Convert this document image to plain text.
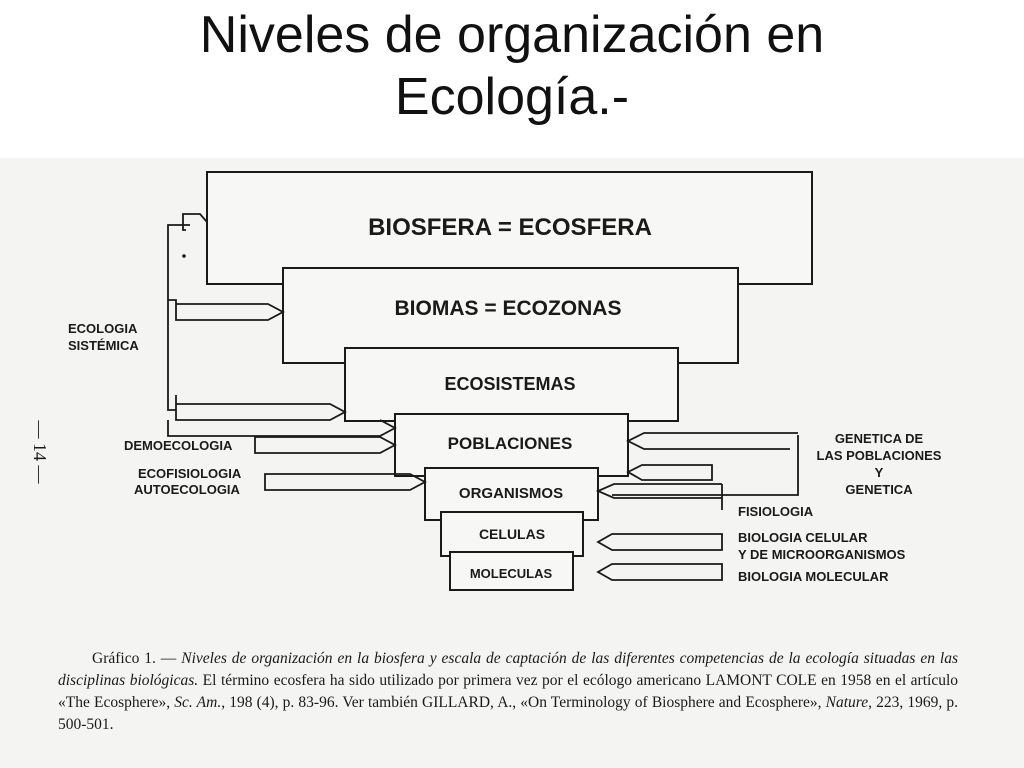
Niveles de organización en
Ecología.-
BIOSFERA = ECOSFERA
BIOMAS = ECOZONAS
ECOSISTEMAS
POBLACIONES
ORGANISMOS
CELULAS
MOLECULAS
ECOLOGIA
SISTÉMICA
DEMOECOLOGIA
ECOFISIOLOGIA
AUTOECOLOGIA
GENETICA DE
LAS POBLACIONES
Y
GENETICA
FISIOLOGIA
BIOLOGIA CELULAR
Y DE MICROORGANISMOS
BIOLOGIA MOLECULAR
— 14 —
Gráfico 1. — Niveles de organización en la biosfera y escala de captación de las diferentes competencias de la ecología situadas en las disciplinas biológicas. El término ecosfera ha sido utilizado por primera vez por el ecólogo americano LAMONT COLE en 1958 en el artículo «The Ecosphere», Sc. Am., 198 (4), p. 83-96. Ver también GILLARD, A., «On Terminology of Biosphere and Ecosphere», Nature, 223, 1969, p. 500-501.
